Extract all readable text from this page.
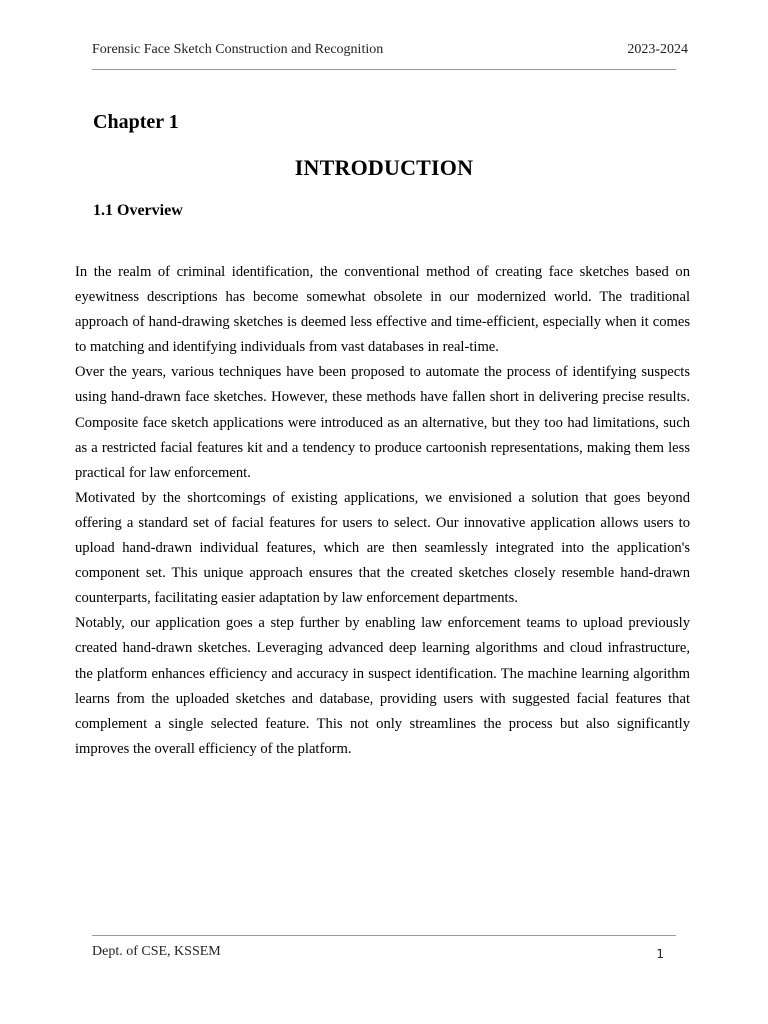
Forensic Face Sketch Construction and Recognition	2023-2024
Chapter 1
INTRODUCTION
1.1 Overview

In the realm of criminal identification, the conventional method of creating face sketches based on eyewitness descriptions has become somewhat obsolete in our modernized world. The traditional approach of hand-drawing sketches is deemed less effective and time-efficient, especially when it comes to matching and identifying individuals from vast databases in real-time.

Over the years, various techniques have been proposed to automate the process of identifying suspects using hand-drawn face sketches. However, these methods have fallen short in delivering precise results. Composite face sketch applications were introduced as an alternative, but they too had limitations, such as a restricted facial features kit and a tendency to produce cartoonish representations, making them less practical for law enforcement.

Motivated by the shortcomings of existing applications, we envisioned a solution that goes beyond offering a standard set of facial features for users to select. Our innovative application allows users to upload hand-drawn individual features, which are then seamlessly integrated into the application's component set. This unique approach ensures that the created sketches closely resemble hand-drawn counterparts, facilitating easier adaptation by law enforcement departments.

Notably, our application goes a step further by enabling law enforcement teams to upload previously created hand-drawn sketches. Leveraging advanced deep learning algorithms and cloud infrastructure, the platform enhances efficiency and accuracy in suspect identification. The machine learning algorithm learns from the uploaded sketches and database, providing users with suggested facial features that complement a single selected feature. This not only streamlines the process but also significantly improves the overall efficiency of the platform.

Dept. of CSE, KSSEM	1
